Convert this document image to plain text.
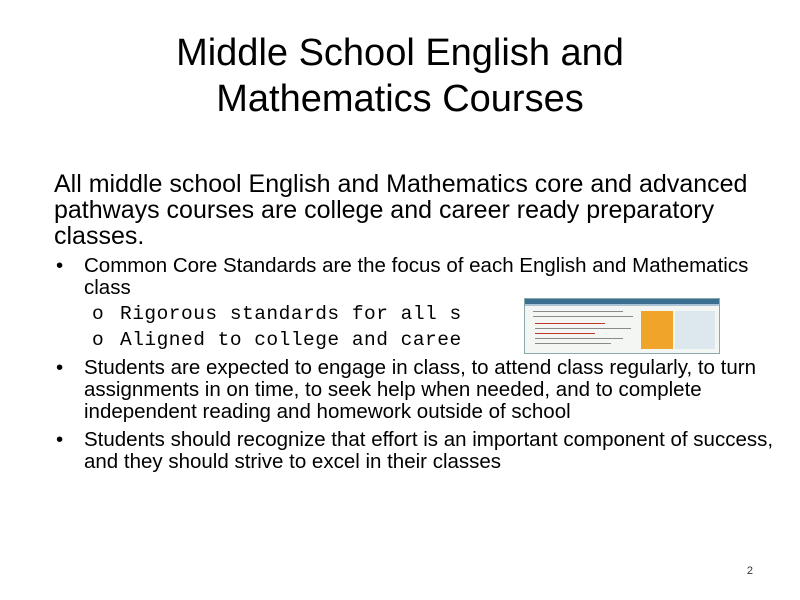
Middle School English and
Mathematics Courses
All middle school English and Mathematics core and advanced pathways courses are college and career ready preparatory classes.
• Common Core Standards are the focus of each English and Mathematics class
o Rigorous standards for all s
o Aligned to college and caree
• Students are expected to engage in class, to attend class regularly, to turn assignments in on time, to seek help when needed, and to complete independent reading and homework outside of school
• Students should recognize that effort is an important component of success, and they should strive to excel in their classes
2
